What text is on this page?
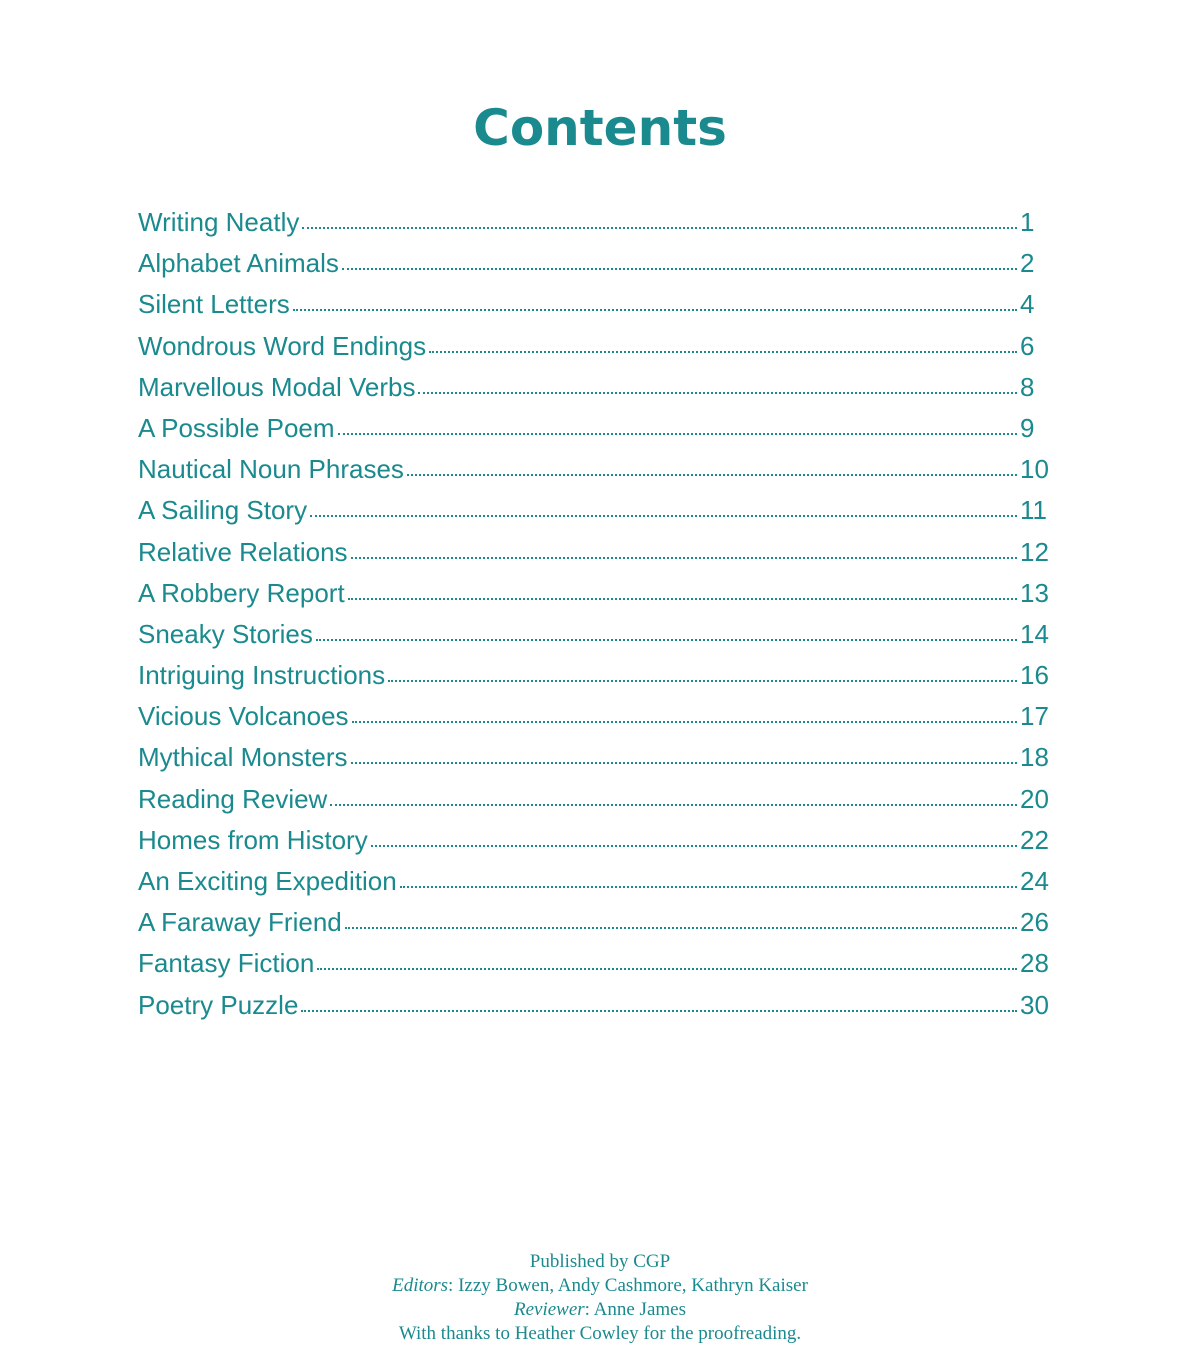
Contents
Writing Neatly	1
Alphabet Animals	2
Silent Letters	4
Wondrous Word Endings	6
Marvellous Modal Verbs	8
A Possible Poem	9
Nautical Noun Phrases	10
A Sailing Story	11
Relative Relations	12
A Robbery Report	13
Sneaky Stories	14
Intriguing Instructions	16
Vicious Volcanoes	17
Mythical Monsters	18
Reading Review	20
Homes from History	22
An Exciting Expedition	24
A Faraway Friend	26
Fantasy Fiction	28
Poetry Puzzle	30

Published by CGP

Editors: Izzy Bowen, Andy Cashmore, Kathryn Kaiser

Reviewer: Anne James

With thanks to Heather Cowley for the proofreading.
